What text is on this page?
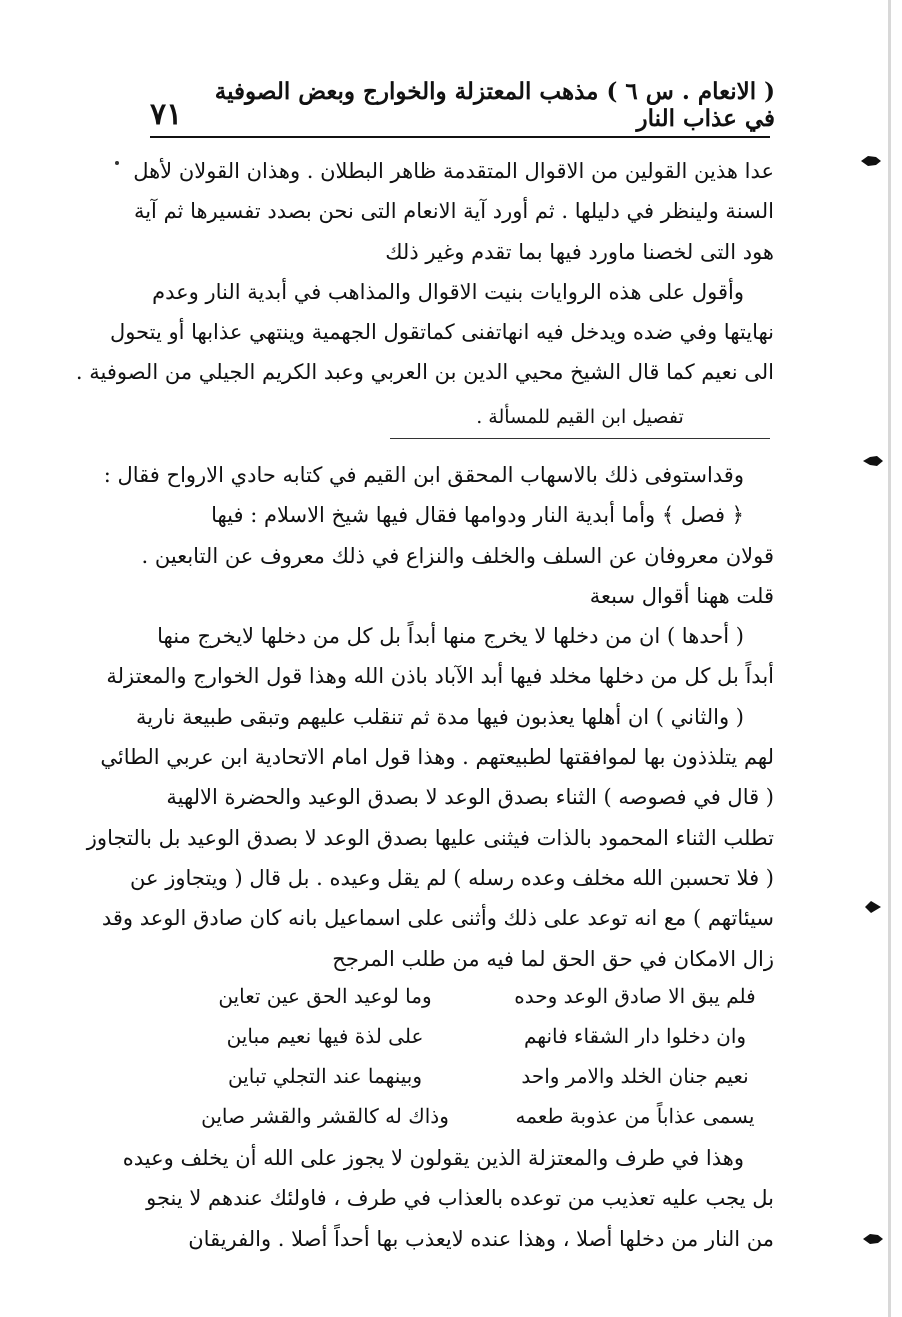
( الانعام . س ٦ ) مذهب المعتزلة والخوارج وبعض الصوفية في عذاب النار
٧١
عدا هذين القولين من الاقوال المتقدمة ظاهر البطلان . وهذان القولان لأهل
السنة ولينظر في دليلها . ثم أورد آية الانعام التى نحن بصدد تفسيرها ثم آية
هود التى لخصنا ماورد فيها بما تقدم وغير ذلك
وأقول على هذه الروايات بنيت الاقوال والمذاهب في أبدية النار وعدم
نهايتها وفي ضده ويدخل فيه انهاتفنى كماتقول الجهمية وينتهي عذابها أو يتحول
الى نعيم كما قال الشيخ محيي الدين بن العربي وعبد الكريم الجيلي من الصوفية .
تفصيل ابن القيم للمسألة .
وقداستوفى ذلك بالاسهاب المحقق ابن القيم في كتابه حادي الارواح فقال :
﴿ فصل ﴾ وأما أبدية النار ودوامها فقال فيها شيخ الاسلام : فيها
قولان معروفان عن السلف والخلف والنزاع في ذلك معروف عن التابعين .
قلت ههنا أقوال سبعة
( أحدها ) ان من دخلها لا يخرج منها أبداً بل كل من دخلها لايخرج منها
أبداً بل كل من دخلها مخلد فيها أبد الآباد باذن الله وهذا قول الخوارج والمعتزلة
( والثاني ) ان أهلها يعذبون فيها مدة ثم تنقلب عليهم وتبقى طبيعة نارية
لهم يتلذذون بها لموافقتها لطبيعتهم . وهذا قول امام الاتحادية ابن عربي الطائي
( قال في فصوصه ) الثناء بصدق الوعد لا بصدق الوعيد والحضرة الالهية
تطلب الثناء المحمود بالذات فيثنى عليها بصدق الوعد لا بصدق الوعيد بل بالتجاوز
( فلا تحسبن الله مخلف وعده رسله ) لم يقل وعيده . بل قال ( ويتجاوز عن
سيئاتهم ) مع انه توعد على ذلك وأثنى على اسماعيل بانه كان صادق الوعد وقد
زال الامكان في حق الحق لما فيه من طلب المرجح
فلم يبق الا صادق الوعد وحده
وما لوعيد الحق عين تعاين
وان دخلوا دار الشقاء فانهم
على لذة فيها نعيم مباين
نعيم جنان الخلد والامر واحد
وبينهما عند التجلي تباين
يسمى عذاباً من عذوبة طعمه
وذاك له كالقشر والقشر صاين
وهذا في طرف والمعتزلة الذين يقولون لا يجوز على الله أن يخلف وعيده
بل يجب عليه تعذيب من توعده بالعذاب في طرف ، فاولئك عندهم لا ينجو
من النار من دخلها أصلا ، وهذا عنده لايعذب بها أحداً أصلا . والفريقان
